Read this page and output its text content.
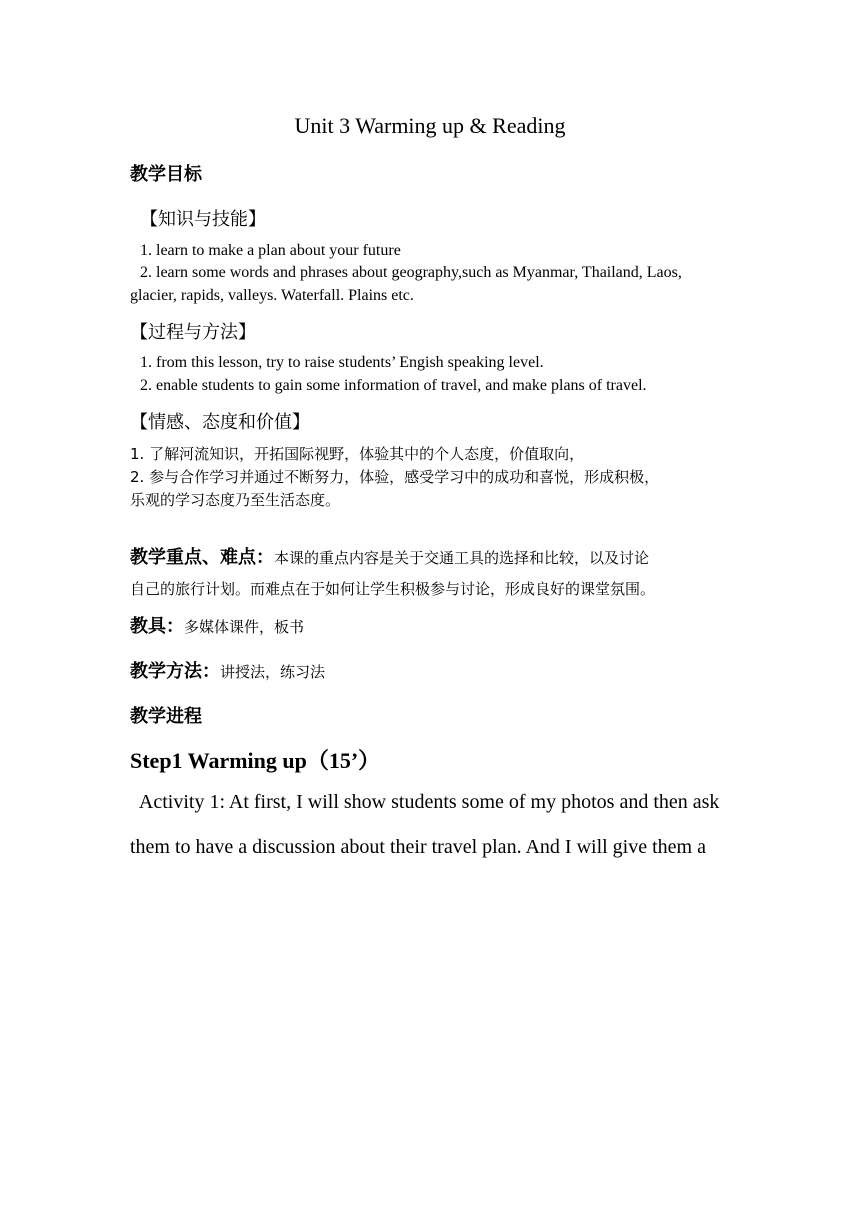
Unit 3 Warming up & Reading
教学目标
【知识与技能】
1. learn to make a plan about your future
2. learn some words and phrases about geography,such as Myanmar, Thailand, Laos,
glacier, rapids, valleys. Waterfall. Plains etc.
【过程与方法】
1. from this lesson, try to raise students’ Engish speaking level.
2. enable students to gain some information of travel, and make plans of travel.
【情感、态度和价值】
1. 了解河流知识，开拓国际视野，体验其中的个人态度，价值取向，
2. 参与合作学习并通过不断努力，体验，感受学习中的成功和喜悦，形成积极，
乐观的学习态度乃至生活态度。
教学重点、难点：本课的重点内容是关于交通工具的选择和比较，以及讨论
自己的旅行计划。而难点在于如何让学生积极参与讨论，形成良好的课堂氛围。
教具：多媒体课件，板书
教学方法：讲授法，练习法
教学进程
Step1 Warming up（15’）
Activity 1: At first, I will show students some of my photos and then ask
them to have a discussion about their travel plan. And I will give them a
